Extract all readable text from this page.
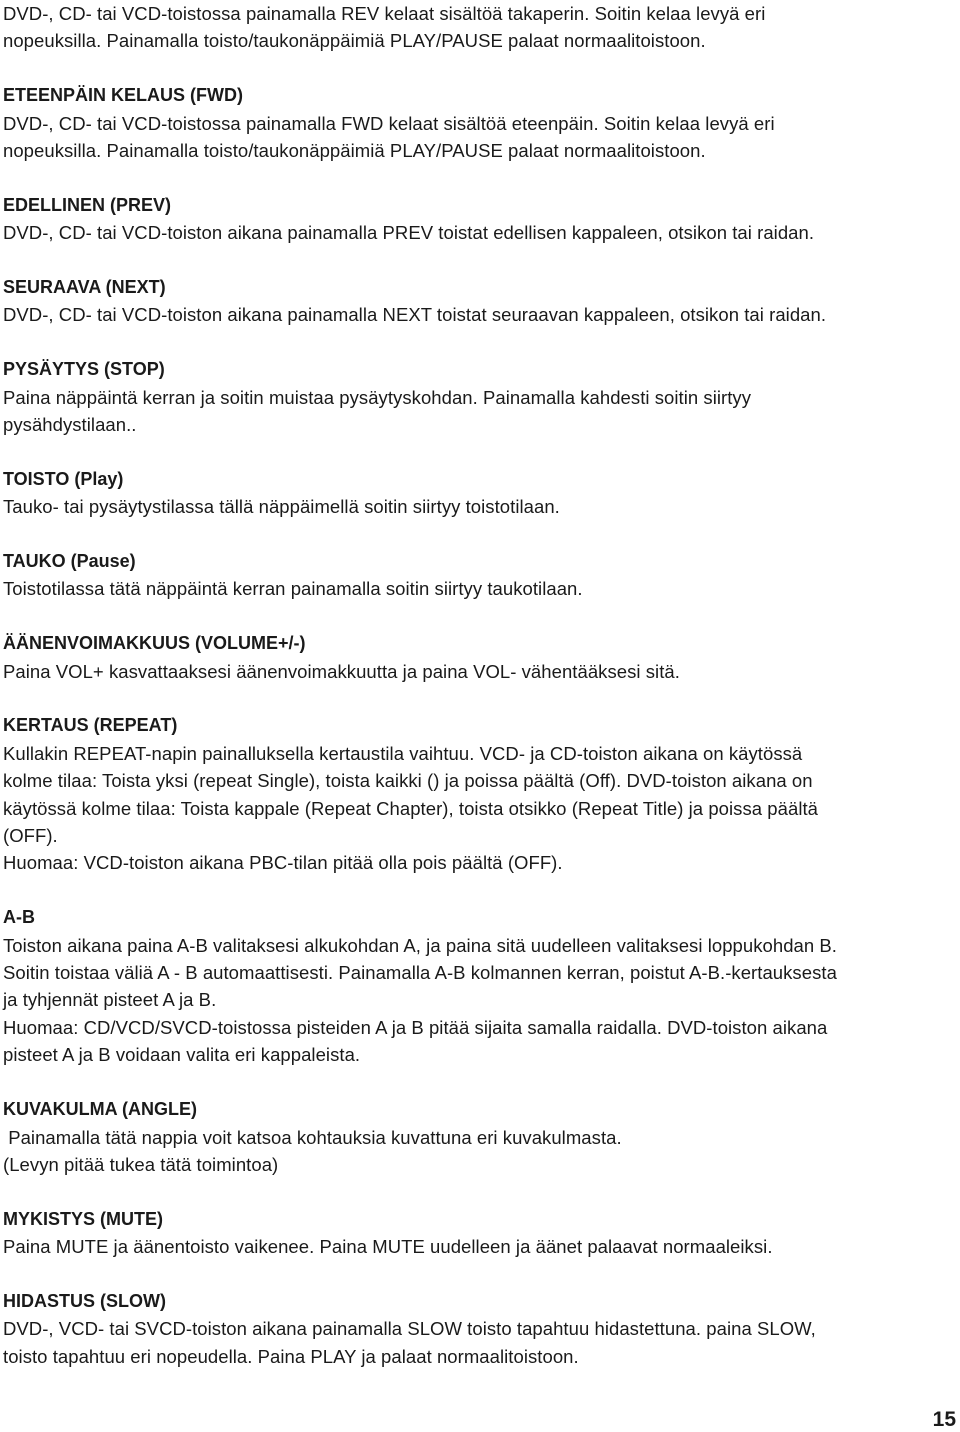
DVD-, CD- tai VCD-toistossa painamalla REV kelaat sisältöä takaperin. Soitin kelaa levyä eri
nopeuksilla. Painamalla toisto/taukonäppäimiä PLAY/PAUSE palaat normaalitoistoon.
ETEENPÄIN KELAUS (FWD)
DVD-, CD- tai VCD-toistossa painamalla FWD kelaat sisältöä eteenpäin. Soitin kelaa levyä eri
nopeuksilla. Painamalla toisto/taukonäppäimiä PLAY/PAUSE palaat normaalitoistoon.
EDELLINEN (PREV)
DVD-, CD- tai VCD-toiston aikana painamalla PREV toistat edellisen kappaleen, otsikon tai raidan.
SEURAAVA (NEXT)
DVD-, CD- tai VCD-toiston aikana painamalla NEXT toistat seuraavan kappaleen, otsikon tai raidan.
PYSÄYTYS (STOP)
Paina näppäintä kerran ja soitin muistaa pysäytyskohdan. Painamalla kahdesti soitin siirtyy
pysähdystilaan..
TOISTO (Play)
Tauko- tai pysäytystilassa tällä näppäimellä soitin siirtyy toistotilaan.
TAUKO (Pause)
Toistotilassa tätä näppäintä kerran painamalla soitin siirtyy taukotilaan.
ÄÄNENVOIMAKKUUS (VOLUME+/-)
Paina VOL+ kasvattaaksesi äänenvoimakkuutta ja paina VOL- vähentääksesi sitä.
KERTAUS (REPEAT)
Kullakin REPEAT-napin painalluksella kertaustila vaihtuu. VCD- ja CD-toiston aikana on käytössä
kolme tilaa: Toista yksi (repeat Single), toista kaikki () ja poissa päältä (Off). DVD-toiston aikana on
käytössä kolme tilaa: Toista kappale (Repeat Chapter), toista otsikko (Repeat Title) ja poissa päältä
(OFF).
Huomaa: VCD-toiston aikana PBC-tilan pitää olla pois päältä (OFF).
A-B
Toiston aikana paina A-B valitaksesi alkukohdan A, ja paina sitä uudelleen valitaksesi loppukohdan B.
Soitin toistaa väliä A - B automaattisesti. Painamalla A-B kolmannen kerran, poistut A-B.-kertauksesta
ja tyhjennät pisteet A ja B.
Huomaa: CD/VCD/SVCD-toistossa pisteiden A ja B pitää sijaita samalla raidalla. DVD-toiston aikana
pisteet A ja B voidaan valita eri kappaleista.
KUVAKULMA (ANGLE)
Painamalla tätä nappia voit katsoa kohtauksia kuvattuna eri kuvakulmasta.
(Levyn pitää tukea tätä toimintoa)
MYKISTYS (MUTE)
Paina MUTE ja äänentoisto vaikenee. Paina MUTE uudelleen ja äänet palaavat normaaleiksi.
HIDASTUS (SLOW)
DVD-, VCD- tai SVCD-toiston aikana painamalla SLOW toisto tapahtuu hidastettuna. paina SLOW,
toisto tapahtuu eri nopeudella. Paina PLAY ja palaat normaalitoistoon.
15
